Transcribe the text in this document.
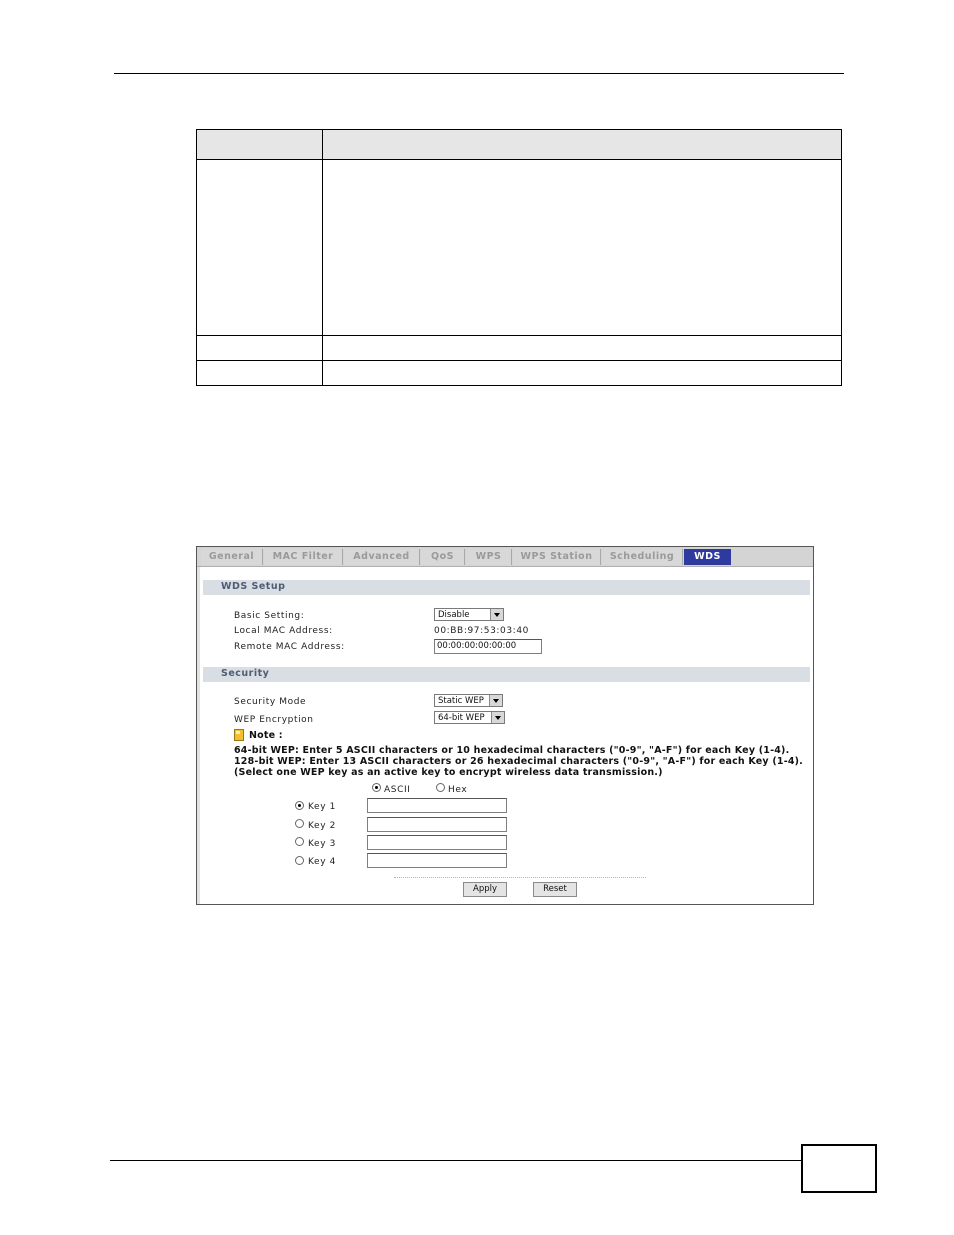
General	MAC Filter	Advanced	QoS	WPS	WPS Station	Scheduling	WDS
WDS Setup
Basic Setting:	Disable
Local MAC Address:	00:BB:97:53:03:40
Remote MAC Address:	00:00:00:00:00:00
Security
Security Mode	Static WEP
WEP Encryption	64-bit WEP
Note :
64-bit WEP: Enter 5 ASCII characters or 10 hexadecimal characters ("0-9", "A-F") for each Key (1-4).
128-bit WEP: Enter 13 ASCII characters or 26 hexadecimal characters ("0-9", "A-F") for each Key (1-4).
(Select one WEP key as an active key to encrypt wireless data transmission.)
ASCII	Hex
Key 1
Key 2
Key 3
Key 4
Apply	Reset
